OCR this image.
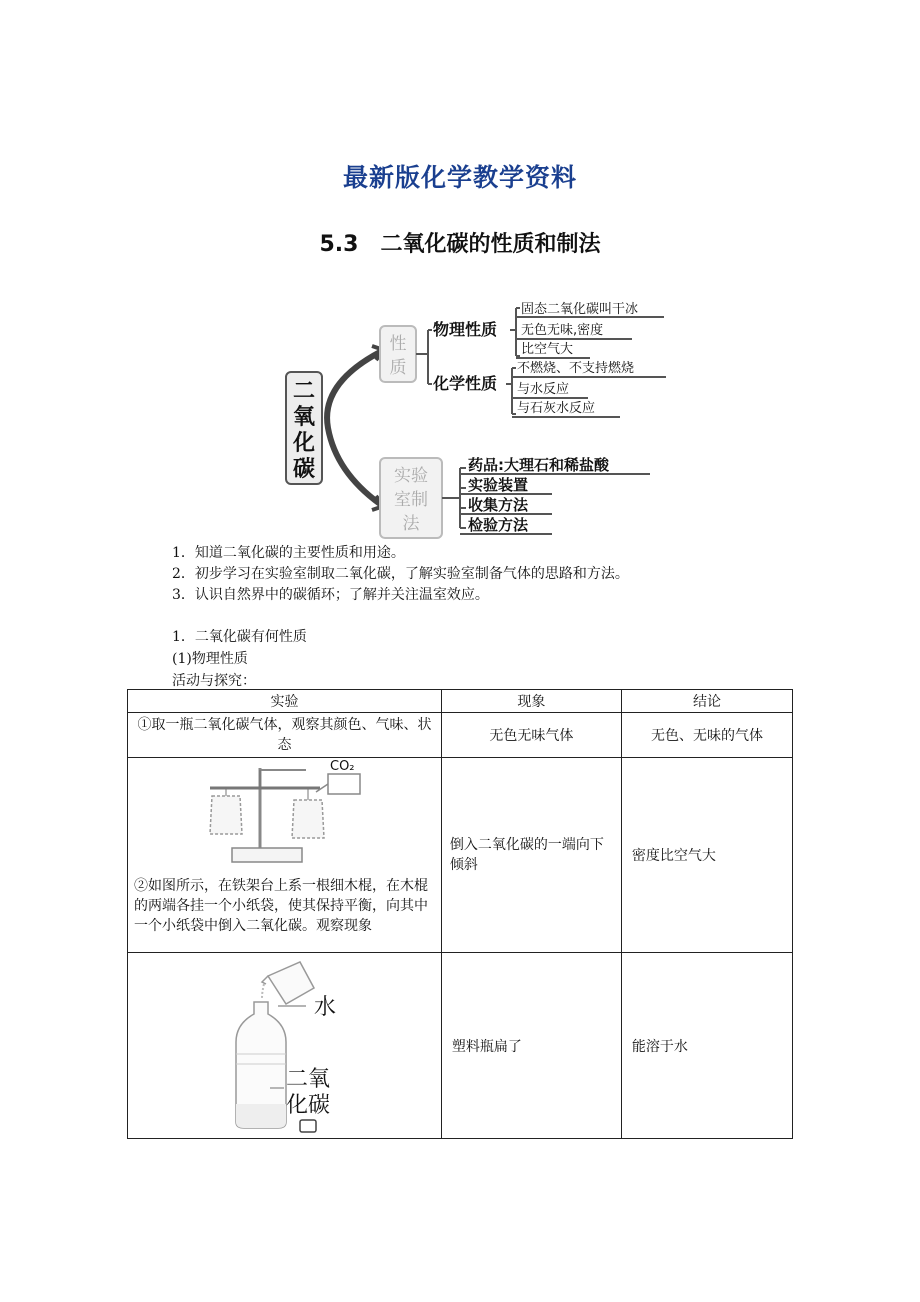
最新版化学教学资料
5.3 二氧化碳的性质和制法
二
氧
化
碳
性
质
物理性质
化学性质
固态二氧化碳叫干冰
无色无味,密度
比空气大
不燃烧、不支持燃烧
与水反应
与石灰水反应
实验
室制
法
药品:大理石和稀盐酸
实验装置
收集方法
检验方法
1．知道二氧化碳的主要性质和用途。
2．初步学习在实验室制取二氧化碳，了解实验室制备气体的思路和方法。
3．认识自然界中的碳循环；了解并关注温室效应。
1．二氧化碳有何性质
(1)物理性质
活动与探究：
实验	现象	结论
①取一瓶二氧化碳气体，观察其颜色、气味、状态	无色无味气体	无色、无味的气体

CO₂
②如图所示，在铁架台上系一根细木棍，在木棍的两端各挂一个小纸袋，使其保持平衡，向其中一个小纸袋中倒入二氧化碳。观察现象	倒入二氧化碳的一端向下倾斜	密度比空气大

水
二氧
化碳	塑料瓶扁了	能溶于水
